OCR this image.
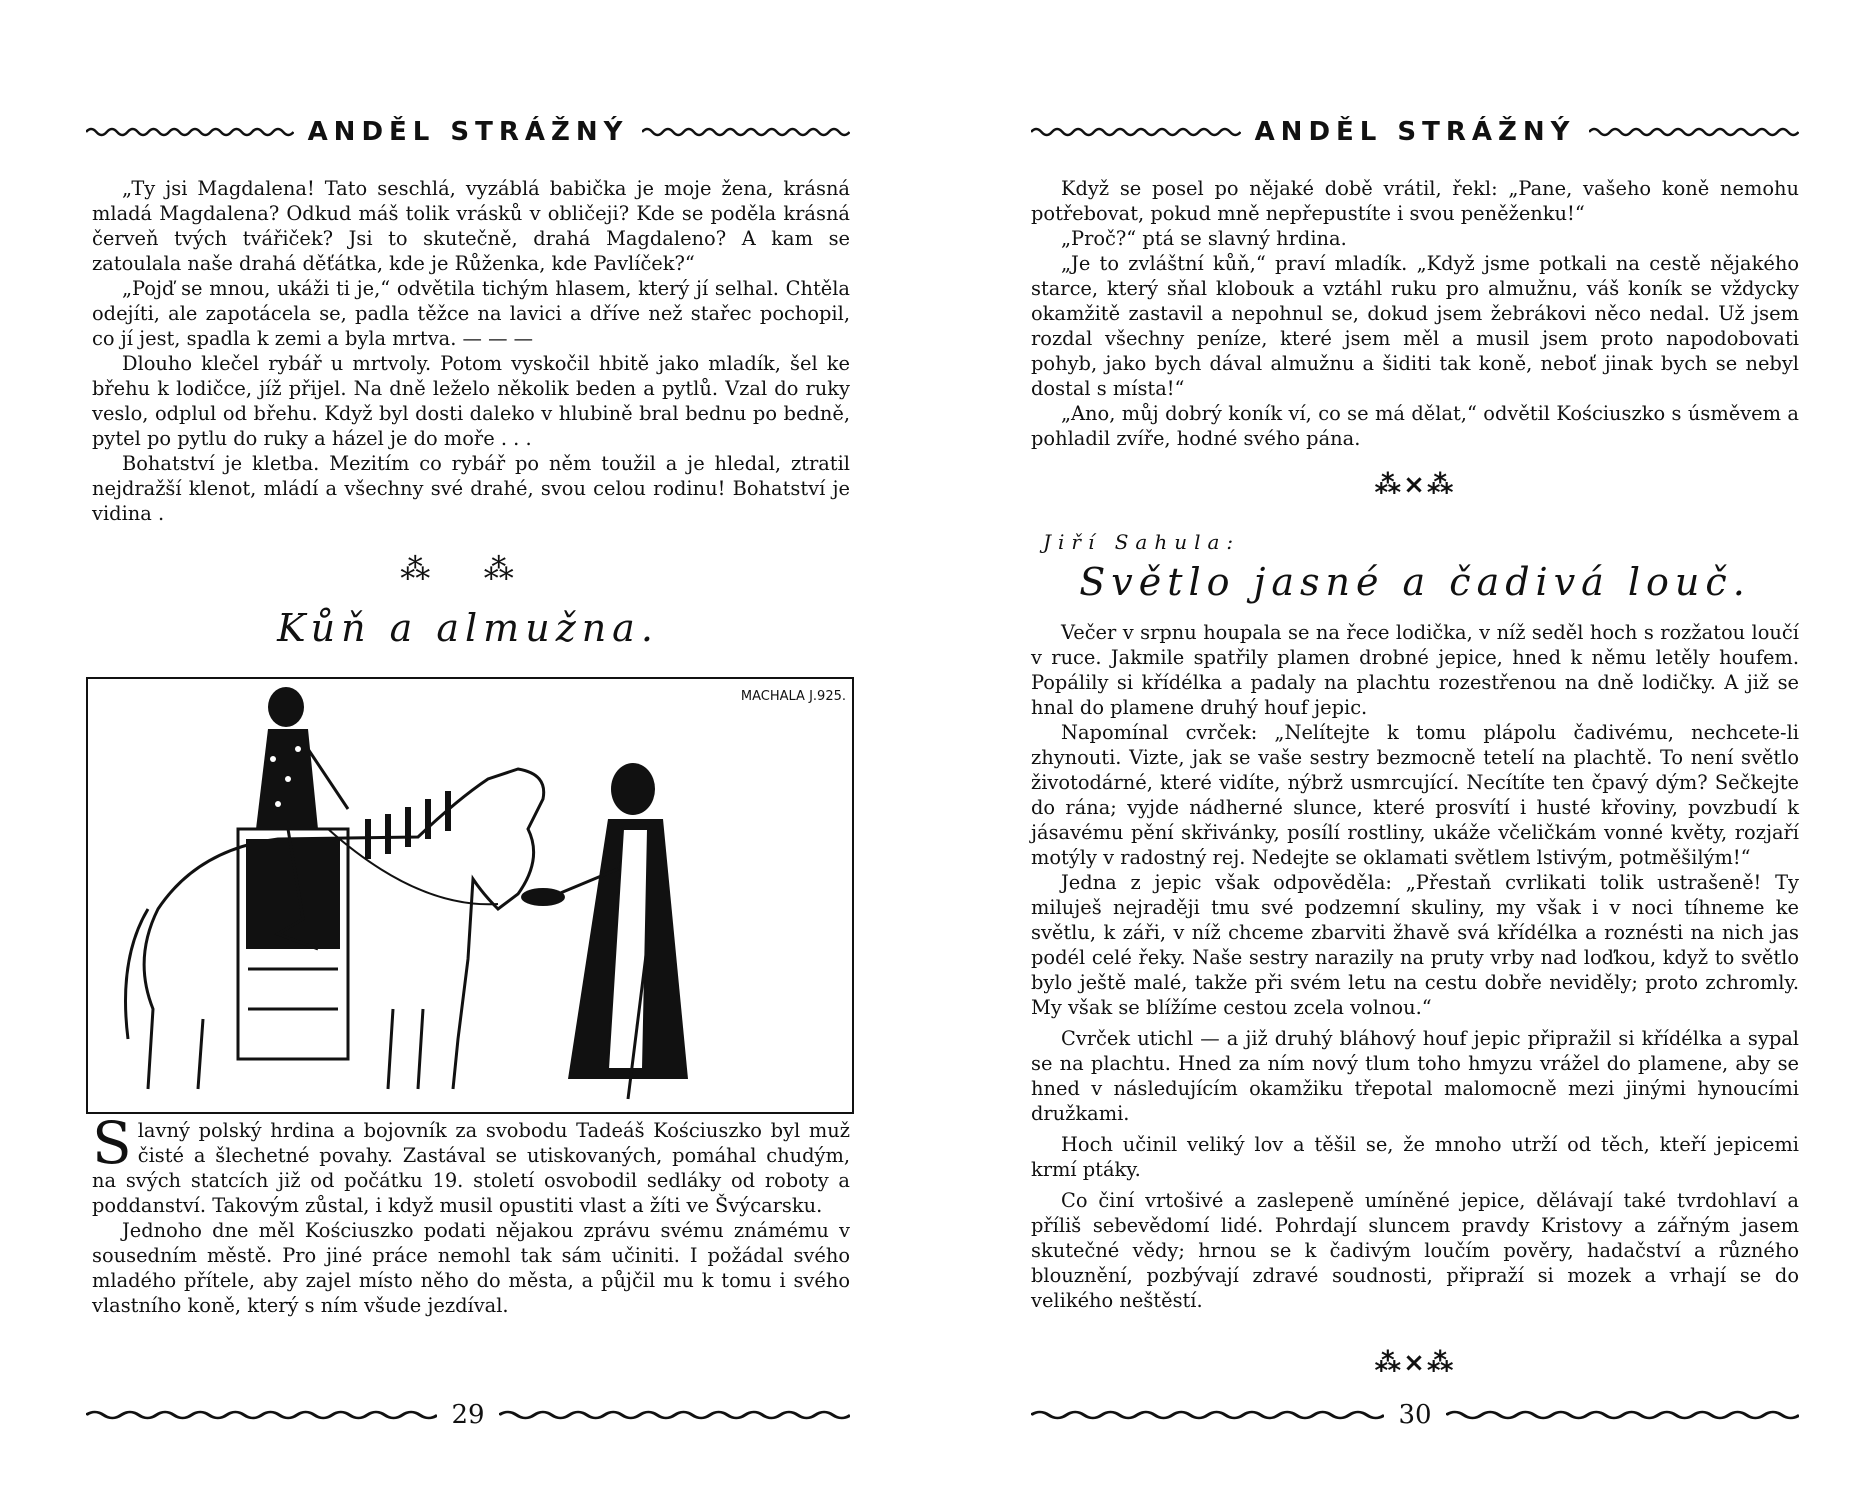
ANDĚL STRÁŽNÝ

„Ty jsi Magdalena! Tato seschlá, vyzáblá babička je moje žena, krásná mladá Magdalena? Odkud máš tolik vrásků v obličeji? Kde se poděla krásná červeň tvých tvářiček? Jsi to skutečně, drahá Magdaleno? A kam se zatoulala naše drahá děťátka, kde je Růženka, kde Pavlíček?“

„Pojď se mnou, ukáži ti je,“ odvětila tichým hlasem, který jí selhal. Chtěla odejíti, ale zapotácela se, padla těžce na lavici a dříve než stařec pochopil, co jí jest, spadla k zemi a byla mrtva. — — —

Dlouho klečel rybář u mrtvoly. Potom vyskočil hbitě jako mladík, šel ke břehu k lodičce, jíž přijel. Na dně leželo několik beden a pytlů. Vzal do ruky veslo, odplul od břehu. Když byl dosti daleko v hlubině bral bednu po bedně, pytel po pytlu do ruky a házel je do moře . . .

Bohatství je kletba. Mezitím co rybář po něm toužil a je hledal, ztratil nejdražší klenot, mládí a všechny své drahé, svou celou rodinu! Bohatství je vidina .

⁂ ⁂
Kůň a almužna.
MACHALA J.925.

Slavný polský hrdina a bojovník za svobodu Tadeáš Kościuszko byl muž čisté a šlechetné povahy. Zastával se utiskovaných, pomáhal chudým, na svých statcích již od počátku 19. století osvobodil sedláky od roboty a poddanství. Takovým zůstal, i když musil opustiti vlast a žíti ve Švýcarsku.

Jednoho dne měl Kościuszko podati nějakou zprávu svému známému v sousedním městě. Pro jiné práce nemohl tak sám učiniti. I požádal svého mladého přítele, aby zajel místo něho do města, a půjčil mu k tomu i svého vlastního koně, který s ním všude jezdíval.

29
ANDĚL STRÁŽNÝ

Když se posel po nějaké době vrátil, řekl: „Pane, vašeho koně nemohu potřebovat, pokud mně nepřepustíte i svou peněženku!“

„Proč?“ ptá se slavný hrdina.

„Je to zvláštní kůň,“ praví mladík. „Když jsme potkali na cestě nějakého starce, který sňal klobouk a vztáhl ruku pro almužnu, váš koník se vždycky okamžitě zastavil a nepohnul se, dokud jsem žebrákovi něco nedal. Už jsem rozdal všechny peníze, které jsem měl a musil jsem proto napodobovati pohyb, jako bych dával almužnu a šiditi tak koně, neboť jinak bych se nebyl dostal s místa!“

„Ano, můj dobrý koník ví, co se má dělat,“ odvětil Kościuszko s úsměvem a pohladil zvíře, hodné svého pána.

⁂×⁂
Jiří Sahula:
Světlo jasné a čadivá louč.

Večer v srpnu houpala se na řece lodička, v níž seděl hoch s rozžatou loučí v ruce. Jakmile spatřily plamen drobné jepice, hned k němu letěly houfem. Popálily si křídélka a padaly na plachtu rozestřenou na dně lodičky. A již se hnal do plamene druhý houf jepic.

Napomínal cvrček: „Nelítejte k tomu plápolu čadivému, nechcete-li zhynouti. Vizte, jak se vaše sestry bezmocně tetelí na plachtě. To není světlo životodárné, které vidíte, nýbrž usmrcující. Necítíte ten čpavý dým? Sečkejte do rána; vyjde nádherné slunce, které prosvítí i husté křoviny, povzbudí k jásavému pění skřivánky, posílí rostliny, ukáže včeličkám vonné květy, rozjaří motýly v radostný rej. Nedejte se oklamati světlem lstivým, potměšilým!“

Jedna z jepic však odpověděla: „Přestaň cvrlikati tolik ustrašeně! Ty miluješ nejraději tmu své podzemní skuliny, my však i v noci tíhneme ke světlu, k záři, v níž chceme zbarviti žhavě svá křídélka a roznésti na nich jas podél celé řeky. Naše sestry narazily na pruty vrby nad loďkou, když to světlo bylo ještě malé, takže při svém letu na cestu dobře neviděly; proto zchromly. My však se blížíme cestou zcela volnou.“

Cvrček utichl — a již druhý bláhový houf jepic připražil si křídélka a sypal se na plachtu. Hned za ním nový tlum toho hmyzu vrážel do plamene, aby se hned v následujícím okamžiku třepotal malomocně mezi jinými hynoucími družkami.

Hoch učinil veliký lov a těšil se, že mnoho utrží od těch, kteří jepicemi krmí ptáky.

Co činí vrtošivé a zaslepeně umíněné jepice, dělávají také tvrdohlaví a příliš sebevědomí lidé. Pohrdají sluncem pravdy Kristovy a zářným jasem skutečné vědy; hrnou se k čadivým loučím pověry, hadačství a různého blouznění, pozbývají zdravé soudnosti, připraží si mozek a vrhají se do velikého neštěstí.

⁂×⁂
30
